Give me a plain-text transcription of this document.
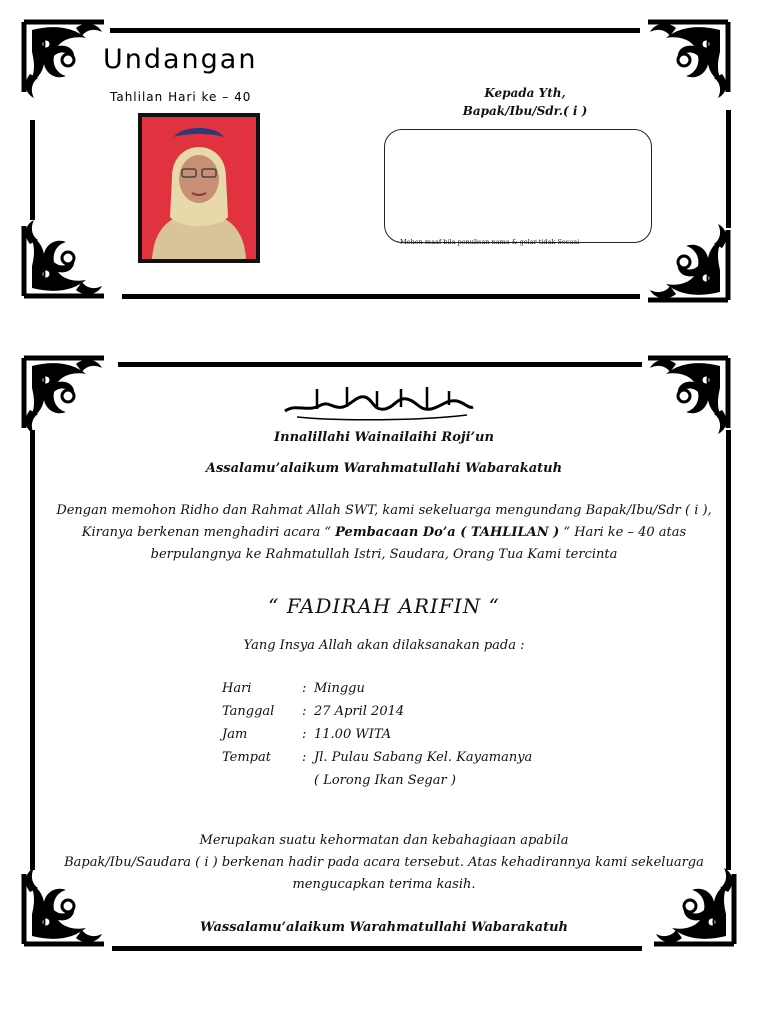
Undangan
Tahlilan Hari ke – 40	Kepada Yth,
Bapak/Ibu/Sdr.( i )
Mohon maaf bila penulisan nama & gelar tidak Sesuai
Innalillahi Wainailaihi Roji’un
Assalamu’alaikum Warahmatullahi Wabarakatuh
Dengan memohon Ridho dan Rahmat Allah SWT, kami sekeluarga mengundang Bapak/Ibu/Sdr ( i ), Kiranya berkenan menghadiri acara “ Pembacaan Do’a ( TAHLILAN ) “ Hari ke – 40 atas berpulangnya ke Rahmatullah Istri, Saudara, Orang Tua Kami tercinta
“ FADIRAH ARIFIN “
Yang Insya Allah akan dilaksanakan pada :
Hari	: Minggu
Tanggal	: 27 April 2014
Jam	: 11.00 WITA
Tempat	: Jl. Pulau Sabang Kel. Kayamanya
( Lorong Ikan Segar )
Merupakan suatu kehormatan dan kebahagiaan apabila
Bapak/Ibu/Saudara ( i ) berkenan hadir pada acara tersebut. Atas kehadirannya kami sekeluarga
mengucapkan terima kasih.
Wassalamu’alaikum Warahmatullahi Wabarakatuh
